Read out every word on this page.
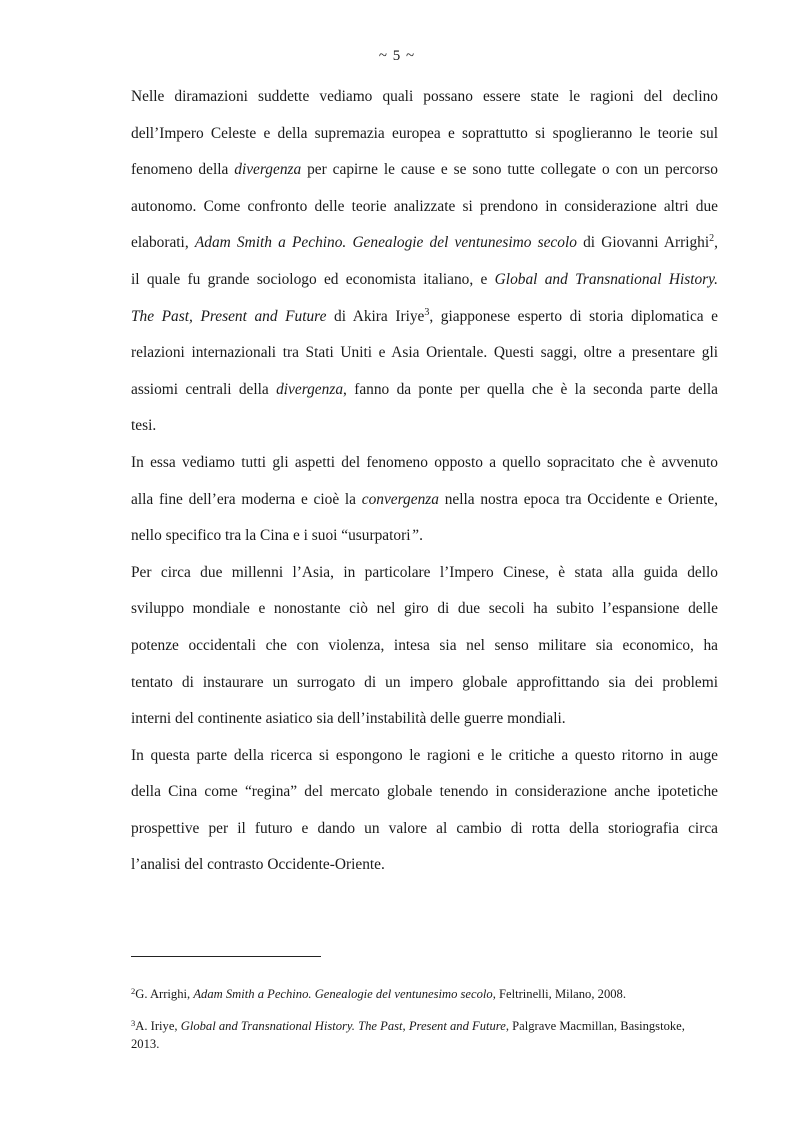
~ 5 ~
Nelle diramazioni suddette vediamo quali possano essere state le ragioni del declino
dell’Impero Celeste e della supremazia europea e soprattutto si spoglieranno le teorie sul
fenomeno della divergenza per capirne le cause e se sono tutte collegate o con un percorso
autonomo. Come confronto delle teorie analizzate si prendono in considerazione altri due
elaborati, Adam Smith a Pechino. Genealogie del ventunesimo secolo di Giovanni Arrighi$^2$,
il quale fu grande sociologo ed economista italiano, e Global and Transnational History.
The Past, Present and Future di Akira Iriye$^3$, giapponese esperto di storia diplomatica e
relazioni internazionali tra Stati Uniti e Asia Orientale. Questi saggi, oltre a presentare gli
assiomi centrali della divergenza, fanno da ponte per quella che è la seconda parte della
tesi.
In essa vediamo tutti gli aspetti del fenomeno opposto a quello sopracitato che è avvenuto
alla fine dell’era moderna e cioè la convergenza nella nostra epoca tra Occidente e Oriente,
nello specifico tra la Cina e i suoi “usurpatori”.
Per circa due millenni l’Asia, in particolare l’Impero Cinese, è stata alla guida dello
sviluppo mondiale e nonostante ciò nel giro di due secoli ha subito l’espansione delle
potenze occidentali che con violenza, intesa sia nel senso militare sia economico, ha
tentato di instaurare un surrogato di un impero globale approfittando sia dei problemi
interni del continente asiatico sia dell’instabilità delle guerre mondiali.
In questa parte della ricerca si espongono le ragioni e le critiche a questo ritorno in auge
della Cina come “regina” del mercato globale tenendo in considerazione anche ipotetiche
prospettive per il futuro e dando un valore al cambio di rotta della storiografia circa
l’analisi del contrasto Occidente-Oriente.
$^2$G. Arrighi, Adam Smith a Pechino. Genealogie del ventunesimo secolo, Feltrinelli, Milano, 2008.
$^3$A. Iriye, Global and Transnational History. The Past, Present and Future, Palgrave Macmillan, Basingstoke, 2013.
